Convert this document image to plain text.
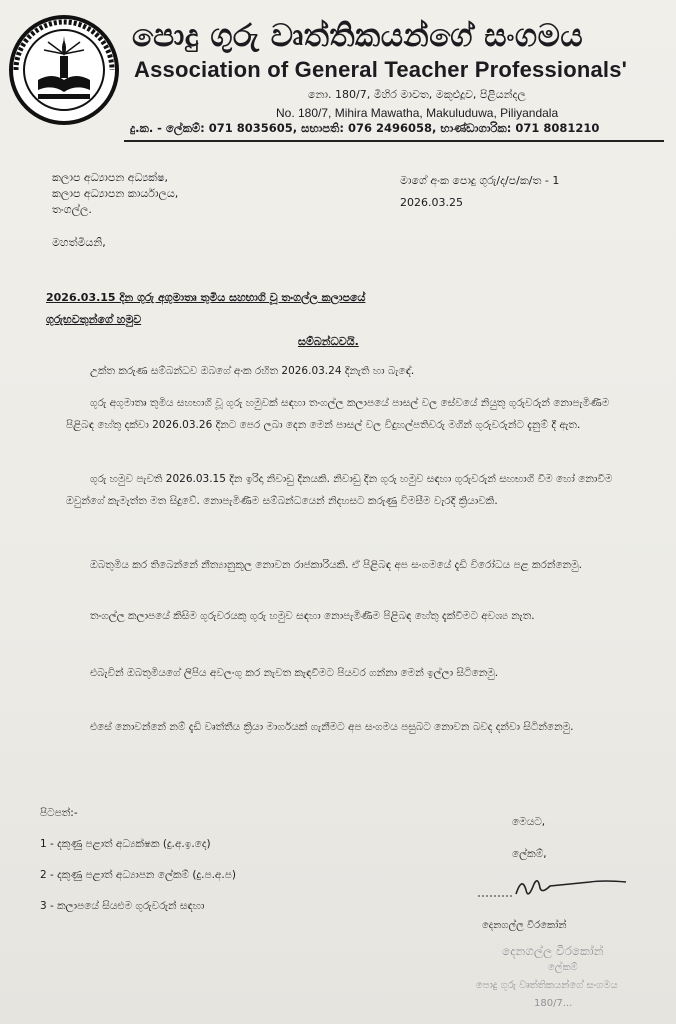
පොදු ගුරු වෘත්තිකයන්ගේ සංගමය
Association of General Teacher Professionals'
නො. 180/7, මිහිර මාවත, මකුළුදූව, පිළියන්දල
No. 180/7, Mihira Mawatha, Makuluduwa, Piliyandala
දු.ක. - ලේකම්: 071 8035605, සභාපති: 076 2496058, භාණ්ඩාගාරික: 071 8081210
කලාප අධ්‍යාපන අධ්‍යක්ෂ,
කලාප අධ්‍යාපන කාර්යාලය,
තංගල්ල.
මාගේ අංක පොදු ගුරු/ද/ප/ක/ත - 1
2026.03.25
මහත්මියනි,
2026.03.15 දින ගුරු අගුමාතෘ තුමිය සහභාගි වූ තංගල්ල කලාපයේ ගුරුභවතුන්ගේ හමුව
සම්බන්ධවයි.

උක්ත කරුණ සම්බන්ධව ඔබගේ අංක රහිත 2026.03.24 දිනැති හා බැඳේ.

ගුරු අගුමාතෘ තුමිය සහභාගි වූ ගුරු හමුවක් සඳහා තංගල්ල කලාපයේ පාසල් වල සේවයේ නියුතු ගුරුවරුන් නොපැමිණීම පිළිබඳ හේතු දක්වා 2026.03.26 දිනට පෙර ලබා දෙන මෙන් පාසල් වල විදුහල්පතිවරු මගින් ගුරුවරුන්ට දැනුම් දී ඇත.

ගුරු හමුව පැවති 2026.03.15 දින ඉරිදා නිවාඩු දිනයකි. නිවාඩු දින ගුරු හමුව සඳහා ගුරුවරුන් සහභාගි වීම හෝ නොවීම ඔවුන්ගේ කැමැත්ත මත සිදුවේ. නොපැමිණීම සම්බන්ධයෙන් නිදහසට කරුණු විමසීම වැරදි ක්‍රියාවකි.

ඔබතුමිය කර තිබෙන්නේ නීත්‍යානුකූල නොවන රාජකාරියකි. ඒ පිළිබඳ අප සංගමයේ දැඩි විරෝධය පළ කරන්නෙමු.

තංගල්ල කලාපයේ කිසිම ගුරුවරයකු ගුරු හමුව සඳහා නොපැමිණීම පිළිබඳ හේතු දැක්වීමට අවශ්‍ය නැත.

එබැවින් ඔබතුමියගේ ලිපිය අවලංගු කර නැවත කැඳවීමට පියවර ගන්නා මෙන් ඉල්ලා සිටිනෙමු.

එසේ නොවන්නේ නම් දැඩි වෘත්තීය ක්‍රියා මාර්ගයක් ගැනීමට අප සංගමය පසුබට නොවන බවද දන්වා සිටින්නෙමු.

පිටපත්:-
1 - දකුණු පළාත් අධ්‍යක්ෂක (දු.අ.ඉ.දෙ)
2 - දකුණු පළාත් අධ්‍යාපන ලේකම් (දු.ප.අ.ප)
3 - කලාපයේ සියළුම ගුරුවරුන් සඳහා
මෙයට,
ලේකම්,
දෙනගල්ල වීරකෝන්
දෙනගල්ල වීරකෝන්
ලේකම්
පොදු ගුරු වෘත්තිකයන්ගේ සංගමය
180/7...
